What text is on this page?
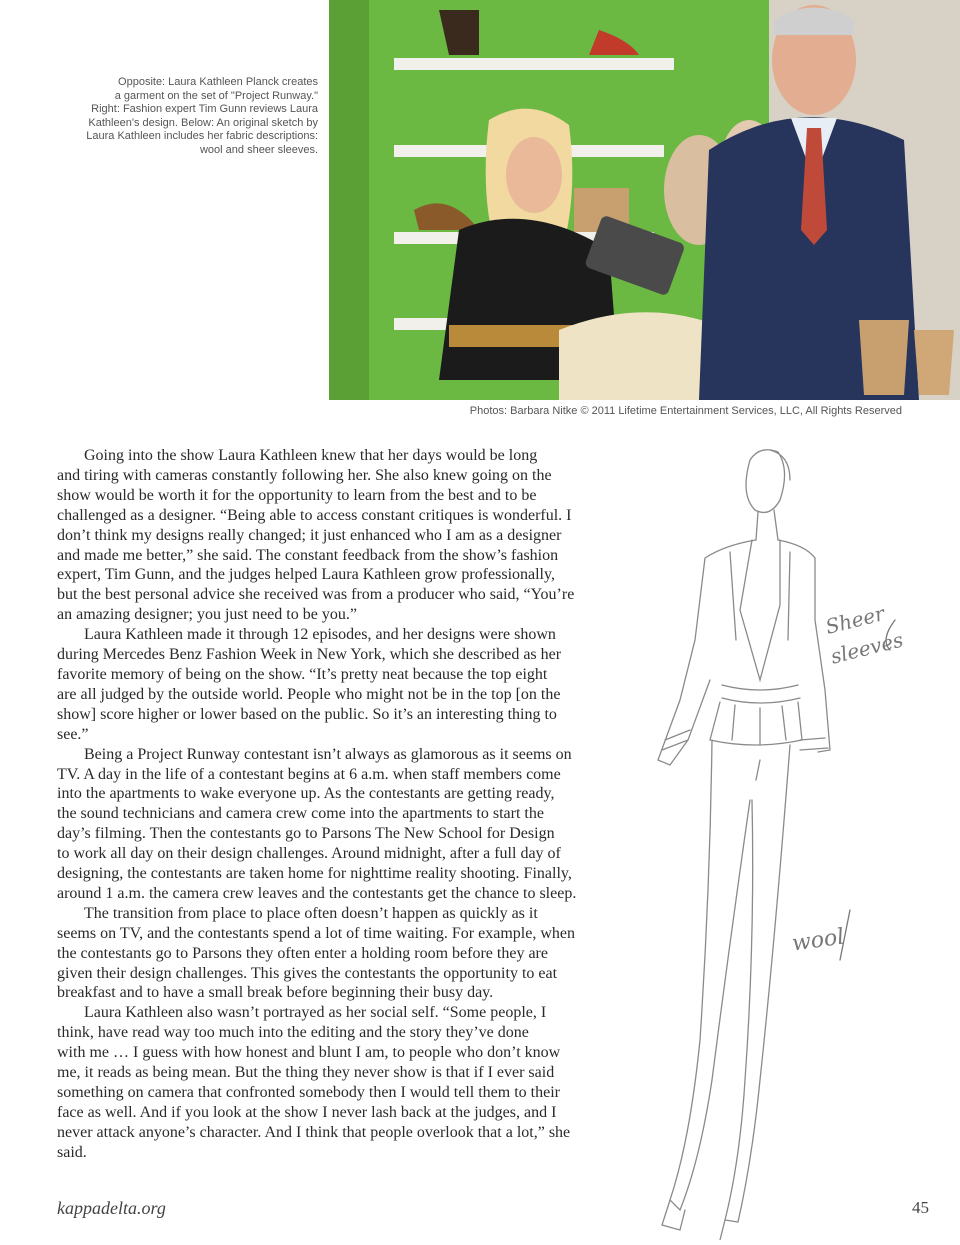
Opposite: Laura Kathleen Planck creates
a garment on the set of "Project Runway."
Right: Fashion expert Tim Gunn reviews Laura
Kathleen's design. Below: An original sketch by
Laura Kathleen includes her fabric descriptions:
wool and sheer sleeves.
Photos: Barbara Nitke © 2011 Lifetime Entertainment Services, LLC, All Rights Reserved
Going into the show Laura Kathleen knew that her days would be long
and tiring with cameras constantly following her. She also knew going on the
show would be worth it for the opportunity to learn from the best and to be
challenged as a designer. “Being able to access constant critiques is wonderful. I
don’t think my designs really changed; it just enhanced who I am as a designer
and made me better,” she said. The constant feedback from the show’s fashion
expert, Tim Gunn, and the judges helped Laura Kathleen grow professionally,
but the best personal advice she received was from a producer who said, “You’re
an amazing designer; you just need to be you.”
Laura Kathleen made it through 12 episodes, and her designs were shown
during Mercedes Benz Fashion Week in New York, which she described as her
favorite memory of being on the show. “It’s pretty neat because the top eight
are all judged by the outside world. People who might not be in the top [on the
show] score higher or lower based on the public. So it’s an interesting thing to
see.”
Being a Project Runway contestant isn’t always as glamorous as it seems on
TV. A day in the life of a contestant begins at 6 a.m. when staff members come
into the apartments to wake everyone up. As the contestants are getting ready,
the sound technicians and camera crew come into the apartments to start the
day’s filming. Then the contestants go to Parsons The New School for Design
to work all day on their design challenges. Around midnight, after a full day of
designing, the contestants are taken home for nighttime reality shooting. Finally,
around 1 a.m. the camera crew leaves and the contestants get the chance to sleep.
The transition from place to place often doesn’t happen as quickly as it
seems on TV, and the contestants spend a lot of time waiting. For example, when
the contestants go to Parsons they often enter a holding room before they are
given their design challenges. This gives the contestants the opportunity to eat
breakfast and to have a small break before beginning their busy day.
Laura Kathleen also wasn’t portrayed as her social self. “Some people, I
think, have read way too much into the editing and the story they’ve done
with me … I guess with how honest and blunt I am, to people who don’t know
me, it reads as being mean. But the thing they never show is that if I ever said
something on camera that confronted somebody then I would tell them to their
face as well. And if you look at the show I never lash back at the judges, and I
never attack anyone’s character. And I think that people overlook that a lot,” she
said.
Sheer
sleeves
wool
kappadelta.org	45
